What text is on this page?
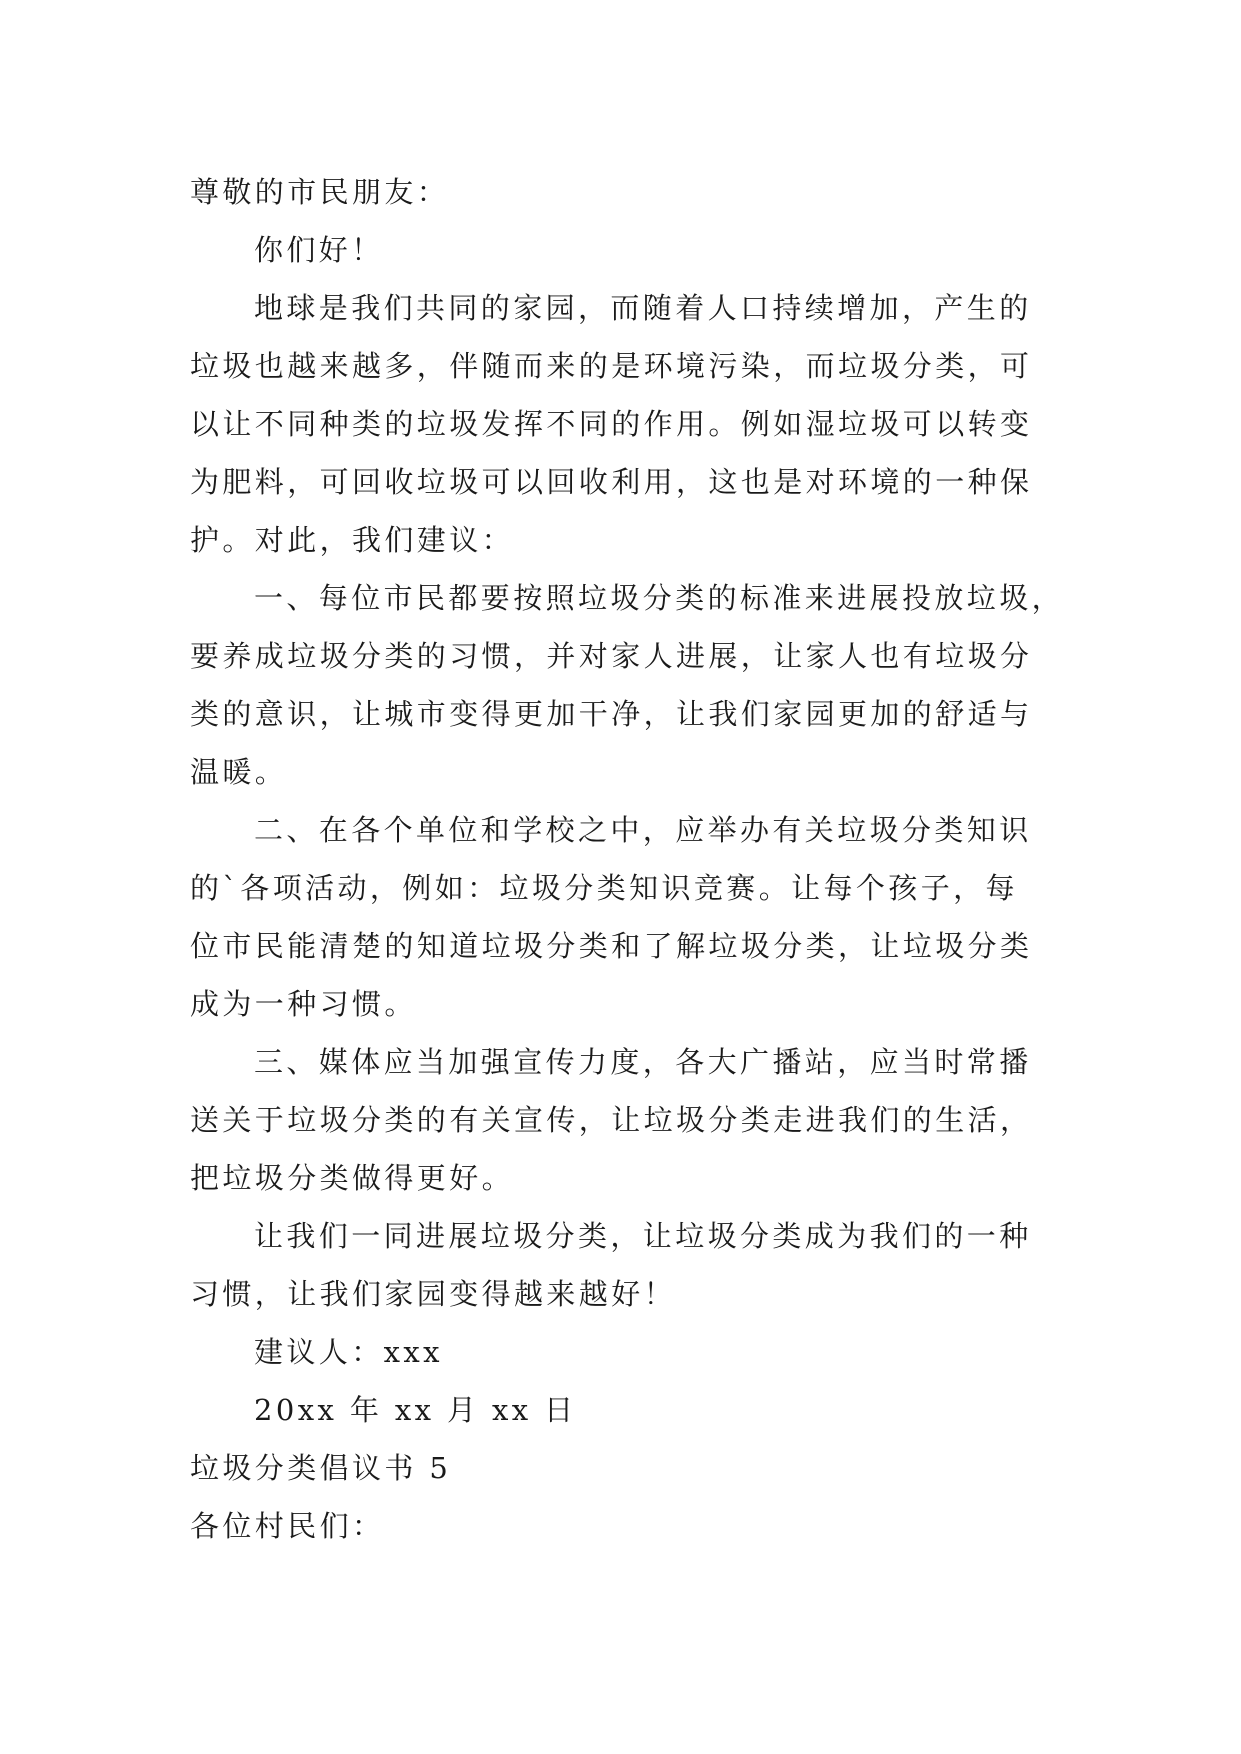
尊敬的市民朋友：
你们好！
地球是我们共同的家园，而随着人口持续增加，产生的
垃圾也越来越多，伴随而来的是环境污染，而垃圾分类，可
以让不同种类的垃圾发挥不同的作用。例如湿垃圾可以转变
为肥料，可回收垃圾可以回收利用，这也是对环境的一种保
护。对此，我们建议：
一、每位市民都要按照垃圾分类的标准来进展投放垃圾，
要养成垃圾分类的习惯，并对家人进展，让家人也有垃圾分
类的意识，让城市变得更加干净，让我们家园更加的舒适与
温暖。
二、在各个单位和学校之中，应举办有关垃圾分类知识
的`各项活动，例如：垃圾分类知识竞赛。让每个孩子，每
位市民能清楚的知道垃圾分类和了解垃圾分类，让垃圾分类
成为一种习惯。
三、媒体应当加强宣传力度，各大广播站，应当时常播
送关于垃圾分类的有关宣传，让垃圾分类走进我们的生活，
把垃圾分类做得更好。
让我们一同进展垃圾分类，让垃圾分类成为我们的一种
习惯，让我们家园变得越来越好！
建议人：xxx
20xx 年 xx 月 xx 日
垃圾分类倡议书 5
各位村民们：
